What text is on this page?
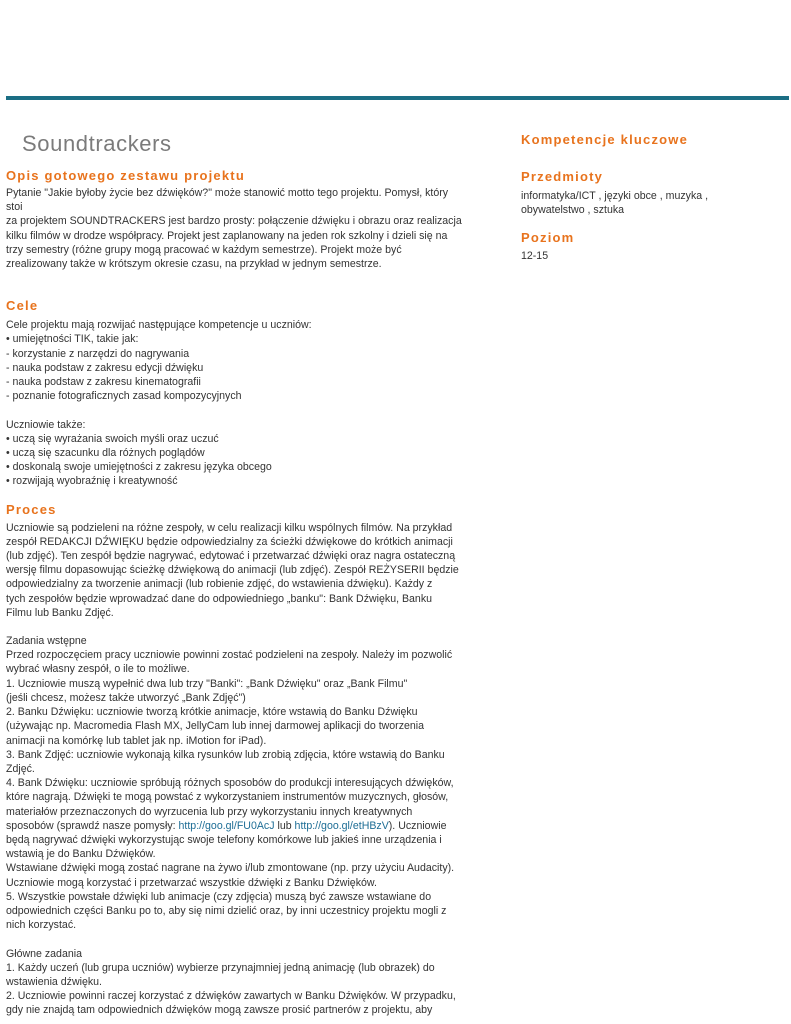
Soundtrackers
Opis gotowego zestawu projektu

Pytanie "Jakie byłoby życie bez dźwięków?" może stanowić motto tego projektu. Pomysł, który
stoi
za projektem SOUNDTRACKERS jest bardzo prosty: połączenie dźwięku i obrazu oraz realizacja
kilku filmów w drodze współpracy. Projekt jest zaplanowany na jeden rok szkolny i dzieli się na
trzy semestry (różne grupy mogą pracować w każdym semestrze). Projekt może być
zrealizowany także w krótszym okresie czasu, na przykład w jednym semestrze.

Cele

Cele projektu mają rozwijać następujące kompetencje u uczniów:
• umiejętności TIK, takie jak:
- korzystanie z narzędzi do nagrywania
- nauka podstaw z zakresu edycji dźwięku
- nauka podstaw z zakresu kinematografii
- poznanie fotograficznych zasad kompozycyjnych

Uczniowie także:
• uczą się wyrażania swoich myśli oraz uczuć
• uczą się szacunku dla różnych poglądów
• doskonalą swoje umiejętności z zakresu języka obcego
• rozwijają wyobraźnię i kreatywność

Proces

Uczniowie są podzieleni na różne zespoły, w celu realizacji kilku wspólnych filmów. Na przykład
zespół REDAKCJI DŹWIĘKU będzie odpowiedzialny za ścieżki dźwiękowe do krótkich animacji
(lub zdjęć). Ten zespół będzie nagrywać, edytować i przetwarzać dźwięki oraz nagra ostateczną
wersję filmu dopasowując ścieżkę dźwiękową do animacji (lub zdjęć). Zespół REŻYSERII będzie
odpowiedzialny za tworzenie animacji (lub robienie zdjęć, do wstawienia dźwięku). Każdy z
tych zespołów będzie wprowadzać dane do odpowiedniego „banku": Bank Dźwięku, Banku
Filmu lub Banku Zdjęć.

Zadania wstępne
Przed rozpoczęciem pracy uczniowie powinni zostać podzieleni na zespoły. Należy im pozwolić
wybrać własny zespół, o ile to możliwe.
1. Uczniowie muszą wypełnić dwa lub trzy "Banki": „Bank Dźwięku" oraz „Bank Filmu"
(jeśli chcesz, możesz także utworzyć „Bank Zdjęć")
2. Banku Dźwięku: uczniowie tworzą krótkie animacje, które wstawią do Banku Dźwięku
(używając np. Macromedia Flash MX, JellyCam lub innej darmowej aplikacji do tworzenia
animacji na komórkę lub tablet jak np. iMotion for iPad).
3. Bank Zdjęć: uczniowie wykonają kilka rysunków lub zrobią zdjęcia, które wstawią do Banku
Zdjęć.
4. Bank Dźwięku: uczniowie spróbują różnych sposobów do produkcji interesujących dźwięków,
które nagrają. Dźwięki te mogą powstać z wykorzystaniem instrumentów muzycznych, głosów,
materiałów przeznaczonych do wyrzucenia lub przy wykorzystaniu innych kreatywnych
sposobów (sprawdź nasze pomysły: http://goo.gl/FU0AcJ lub http://goo.gl/etHBzV). Uczniowie
będą nagrywać dźwięki wykorzystując swoje telefony komórkowe lub jakieś inne urządzenia i
wstawią je do Banku Dźwięków.
Wstawiane dźwięki mogą zostać nagrane na żywo i/lub zmontowane (np. przy użyciu Audacity).
Uczniowie mogą korzystać i przetwarzać wszystkie dźwięki z Banku Dźwięków.
5. Wszystkie powstałe dźwięki lub animacje (czy zdjęcia) muszą być zawsze wstawiane do
odpowiednich części Banku po to, aby się nimi dzielić oraz, by inni uczestnicy projektu mogli z
nich korzystać.

Główne zadania
1. Każdy uczeń (lub grupa uczniów) wybierze przynajmniej jedną animację (lub obrazek) do
wstawienia dźwięku.
2. Uczniowie powinni raczej korzystać z dźwięków zawartych w Banku Dźwięków. W przypadku,
gdy nie znajdą tam odpowiednich dźwięków mogą zawsze prosić partnerów z projektu, aby

Kompetencje kluczowe
Przedmioty

informatyka/ICT , języki obce , muzyka ,
obywatelstwo , sztuka

Poziom

12-15
